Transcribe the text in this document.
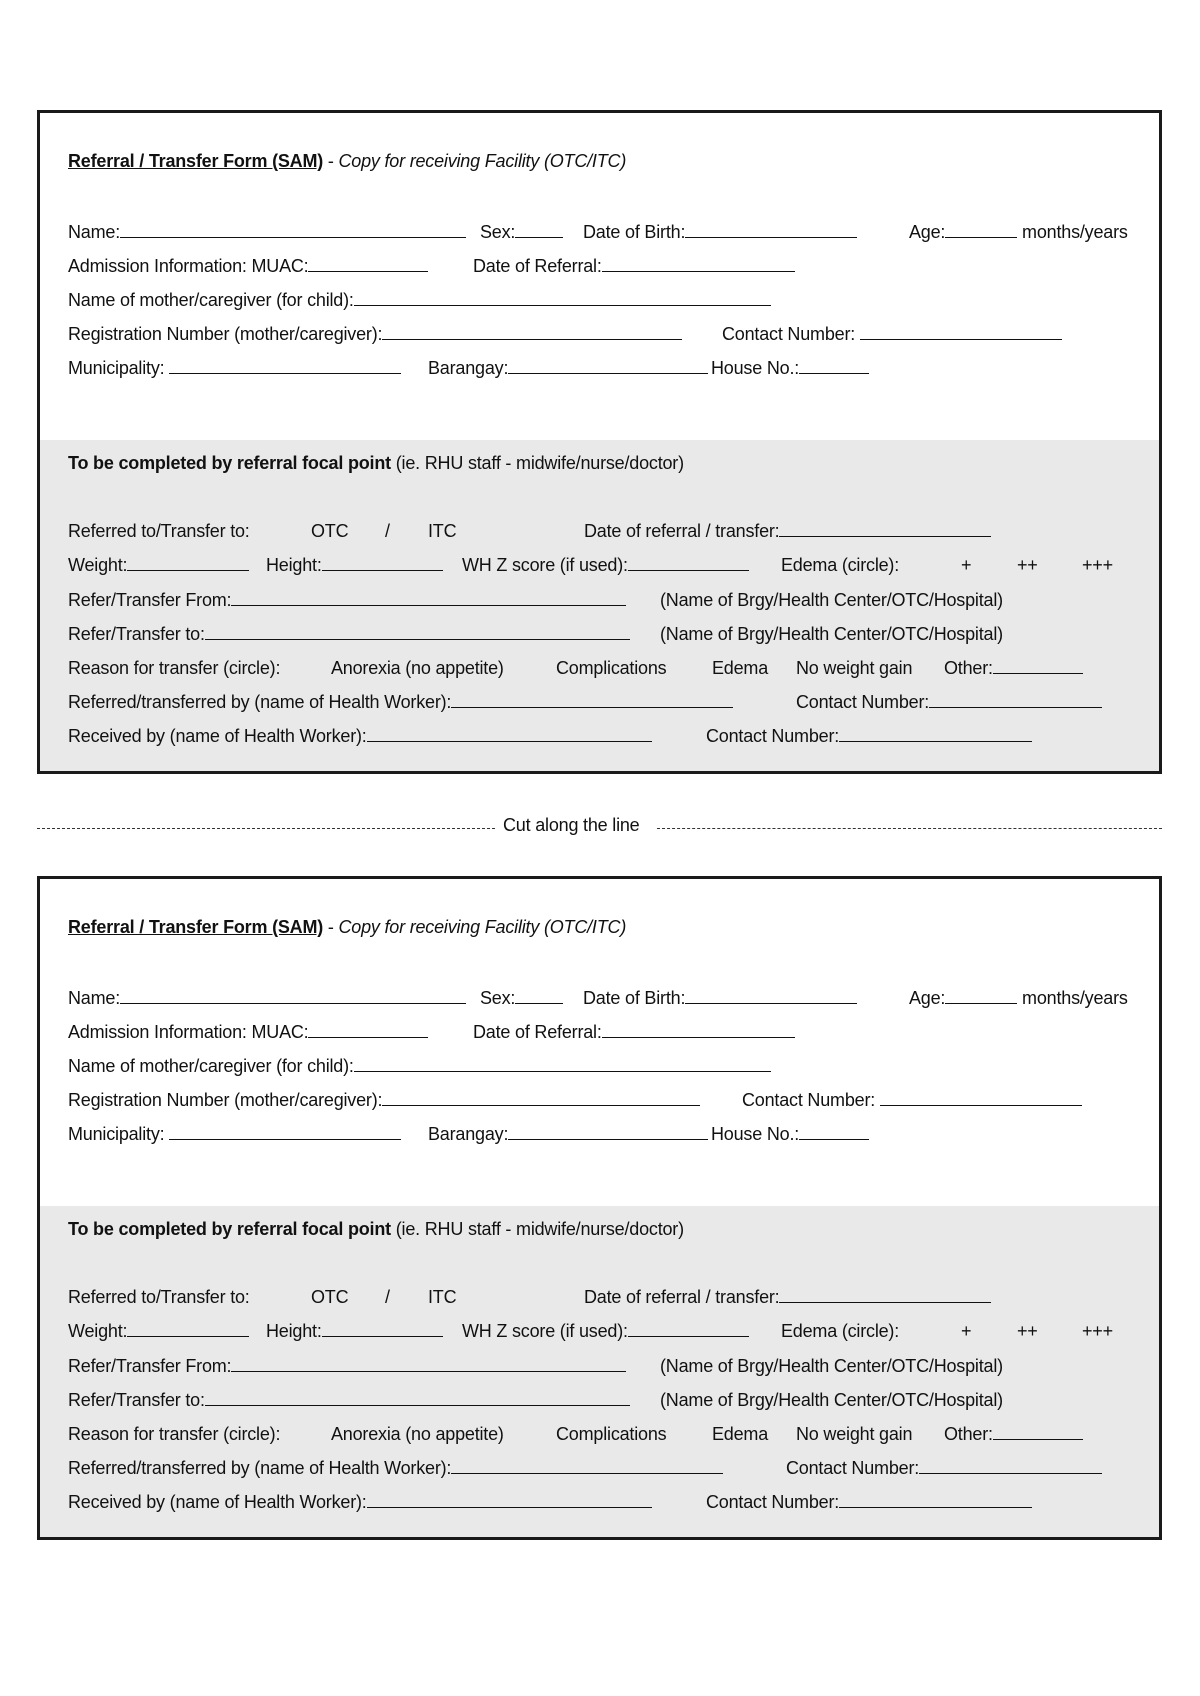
Referral / Transfer Form (SAM) - Copy for receiving Facility (OTC/ITC)
Name:	Sex:	Date of Birth:	Age:	months/years
Admission Information: MUAC:	Date of Referral:
Name of mother/caregiver (for child):
Registration Number (mother/caregiver):	Contact Number:
Municipality:	Barangay:	House No.:
To be completed by referral focal point (ie. RHU staff - midwife/nurse/doctor)
Referred to/Transfer to:	OTC / ITC	Date of referral / transfer:
Weight:	Height:	WH Z score (if used):	Edema (circle):	+	++ +++
Refer/Transfer From:	(Name of Brgy/Health Center/OTC/Hospital)
Refer/Transfer to:	(Name of Brgy/Health Center/OTC/Hospital)
Reason for transfer (circle):	Anorexia (no appetite)	Complications	Edema No weight gain Other:
Referred/transferred by (name of Health Worker):	Contact Number:
Received by (name of Health Worker):	Contact Number:
Cut along the line
Referral / Transfer Form (SAM) - Copy for receiving Facility (OTC/ITC)
Name:	Sex:	Date of Birth:	Age:	months/years
Admission Information: MUAC:	Date of Referral:
Name of mother/caregiver (for child):
Registration Number (mother/caregiver):	Contact Number:
Municipality:	Barangay:	House No.:
To be completed by referral focal point (ie. RHU staff - midwife/nurse/doctor)
Referred to/Transfer to:	OTC / ITC	Date of referral / transfer:
Weight:	Height:	WH Z score (if used):	Edema (circle):	+	++ +++
Refer/Transfer From:	(Name of Brgy/Health Center/OTC/Hospital)
Refer/Transfer to:	(Name of Brgy/Health Center/OTC/Hospital)
Reason for transfer (circle):	Anorexia (no appetite)	Complications	Edema No weight gain Other:
Referred/transferred by (name of Health Worker):	Contact Number:
Received by (name of Health Worker):	Contact Number:
